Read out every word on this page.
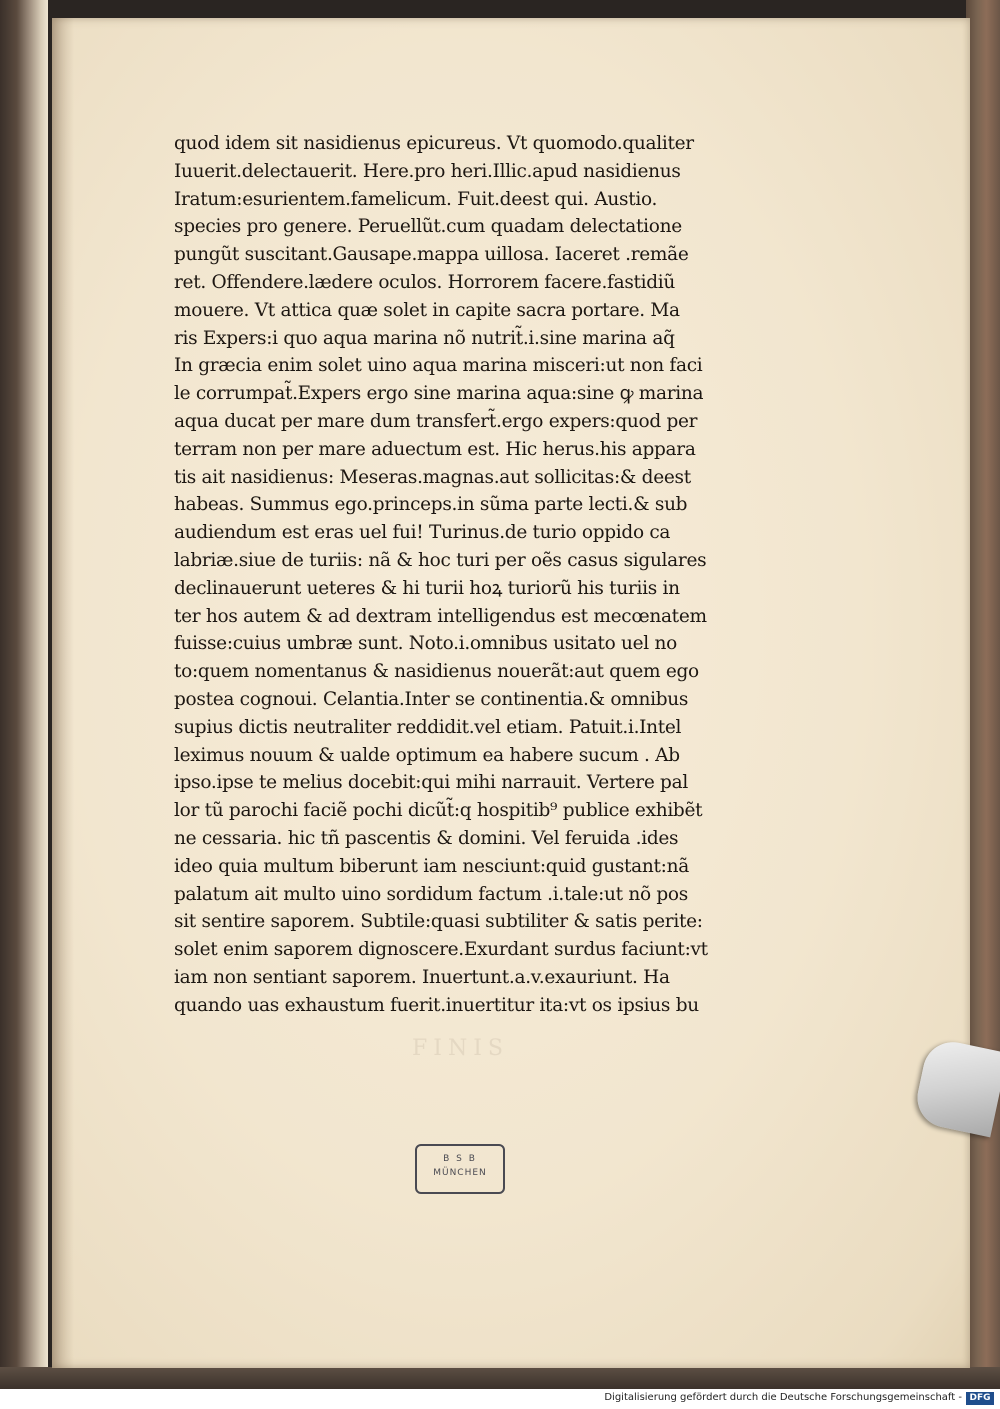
quod idem sit nasidienus epicureus. Vt quomodo.qualiter
Iuuerit.delectauerit. Here.pro heri.Illic.apud nasidienus
Iratum:esurientem.famelicum. Fuit.deest qui. Austio.
species pro genere. Peruellũt.cum quadam delectatione
pungũt suscitant.Gausape.mappa uillosa. Iaceret .remãe
ret. Offendere.lædere oculos. Horrorem facere.fastidiũ
mouere. Vt attica quæ solet in capite sacra portare. Ma
ris Expers:i quo aqua marina nõ nutrit̃.i.sine marina aq̃
In græcia enim solet uino aqua marina misceri:ut non faci
le corrumpat̃.Expers ergo sine marina aqua:sine ꝙ marina
aqua ducat per mare dum transfert̃.ergo expers:quod per
terram non per mare aduectum est. Hic herus.his appara
tis ait nasidienus: Meseras.magnas.aut sollicitas:& deest
habeas. Summus ego.princeps.in sũma parte lecti.& sub
audiendum est eras uel fui! Turinus.de turio oppido ca
labriæ.siue de turiis: nã & hoc turi per oẽs casus sigulares
declinauerunt ueteres & hi turii hoꝝ turiorũ his turiis in
ter hos autem & ad dextram intelligendus est mecœnatem
fuisse:cuius umbræ sunt. Noto.i.omnibus usitato uel no
to:quem nomentanus & nasidienus nouerãt:aut quem ego
postea cognoui. Celantia.Inter se continentia.& omnibus
supius dictis neutraliter reddidit.vel etiam. Patuit.i.Intel
leximus nouum & ualde optimum ea habere sucum . Ab
ipso.ipse te melius docebit:qui mihi narrauit. Vertere pal
lor tũ parochi faciẽ pochi dicũt̃:q hospitib⁹ publice exhibẽt
ne cessaria. hic tñ pascentis & domini. Vel feruida .ides
ideo quia multum biberunt iam nesciunt:quid gustant:nã
palatum ait multo uino sordidum factum .i.tale:ut nõ pos
sit sentire saporem. Subtile:quasi subtiliter & satis perite:
solet enim saporem dignoscere.Exurdant surdus faciunt:vt
iam non sentiant saporem. Inuertunt.a.v.exauriunt. Ha
quando uas exhaustum fuerit.inuertitur ita:vt os ipsius bu
FINIS
B S B
MÜNCHEN
Digitalisierung gefördert durch die Deutsche Forschungsgemeinschaft - DFG
